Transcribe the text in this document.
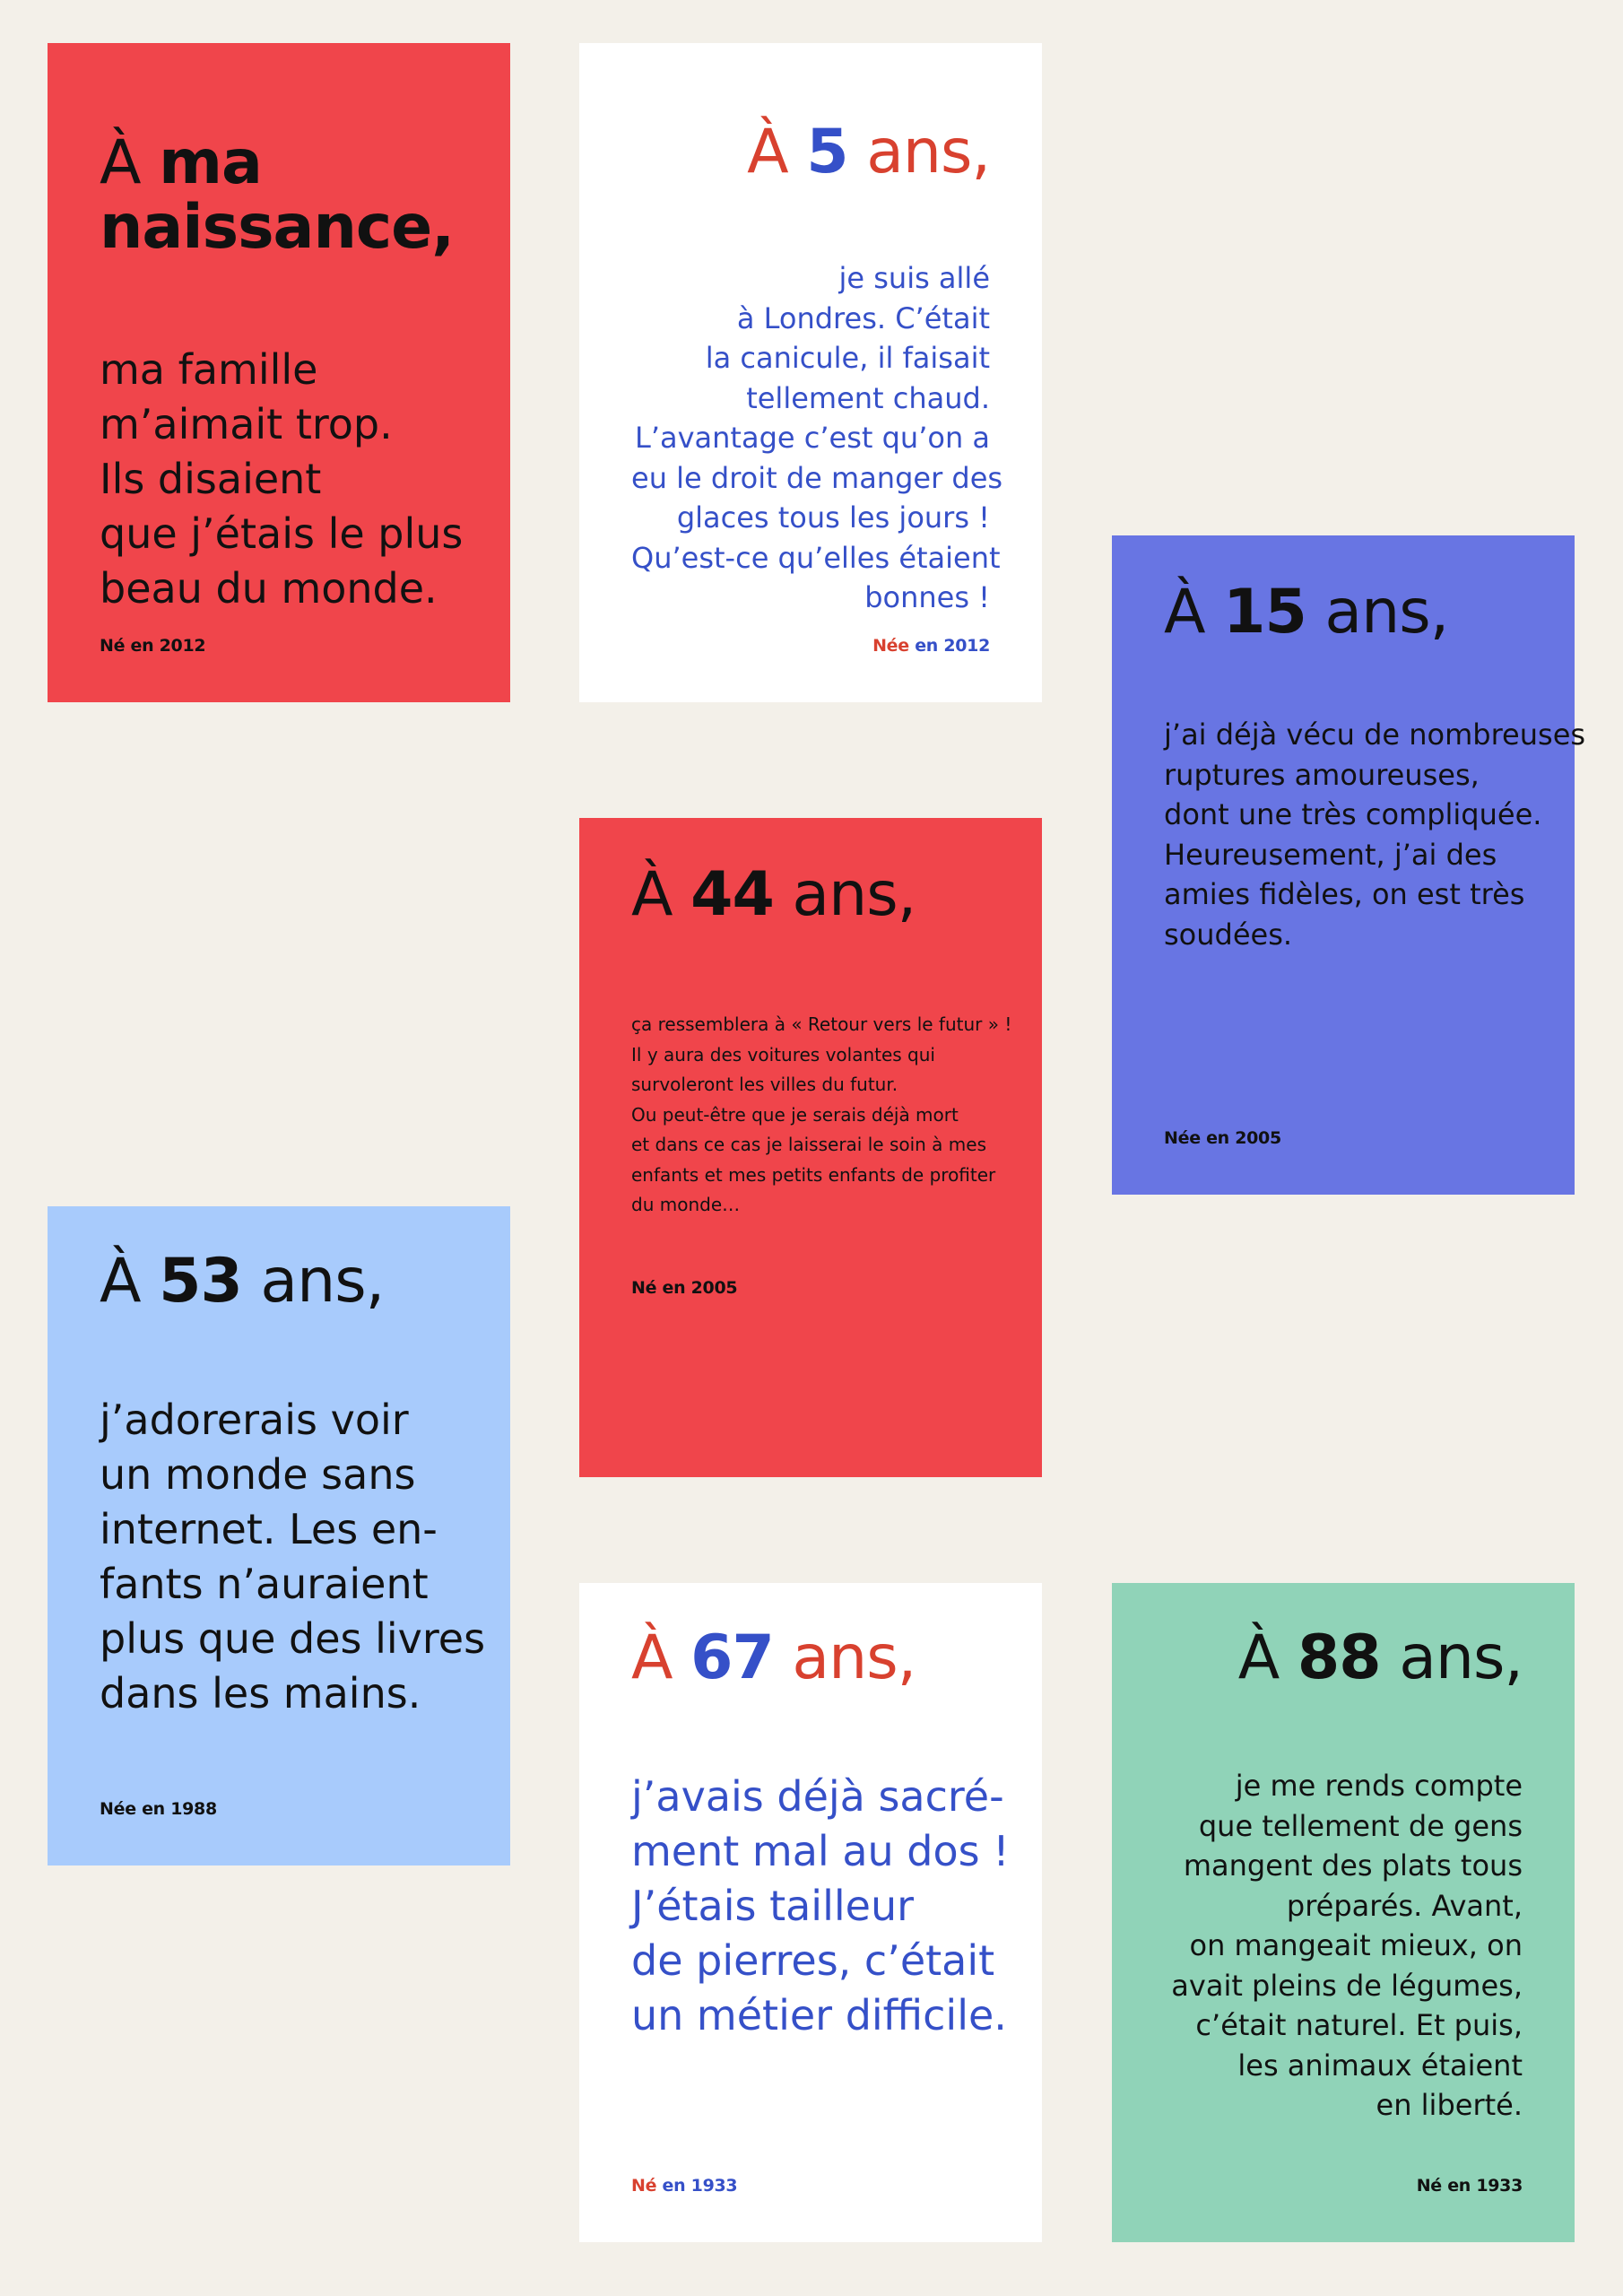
À ma naissance,
ma famille
m’aimait trop.
Ils disaient
que j’étais le plus
beau du monde.
Né en 2012
À 5 ans,
je suis allé
à Londres. C’était
la canicule, il faisait
tellement chaud.
L’avantage c’est qu’on a
eu le droit de manger des
glaces tous les jours !
Qu’est-ce qu’elles étaient
bonnes !
Née en 2012	À 15 ans,
j’ai déjà vécu de nombreuses
ruptures amoureuses,
dont une très compliquée.
Heureusement, j’ai des
amies fidèles, on est très
soudées.
Née en 2005
À 44 ans,
ça ressemblera à « Retour vers le futur » !
Il y aura des voitures volantes qui
survoleront les villes du futur.
Ou peut-être que je serais déjà mort
et dans ce cas je laisserai le soin à mes
enfants et mes petits enfants de profiter
du monde…
Né en 2005
À 53 ans,
j’adorerais voir
un monde sans
internet. Les en-
fants n’auraient
plus que des livres
dans les mains.
Née en 1988
À 67 ans,
j’avais déjà sacré-
ment mal au dos !
J’étais tailleur
de pierres, c’était
un métier difficile.
Né en 1933
À 88 ans,
je me rends compte
que tellement de gens
mangent des plats tous
préparés. Avant,
on mangeait mieux, on
avait pleins de légumes,
c’était naturel. Et puis,
les animaux étaient
en liberté.
Né en 1933
